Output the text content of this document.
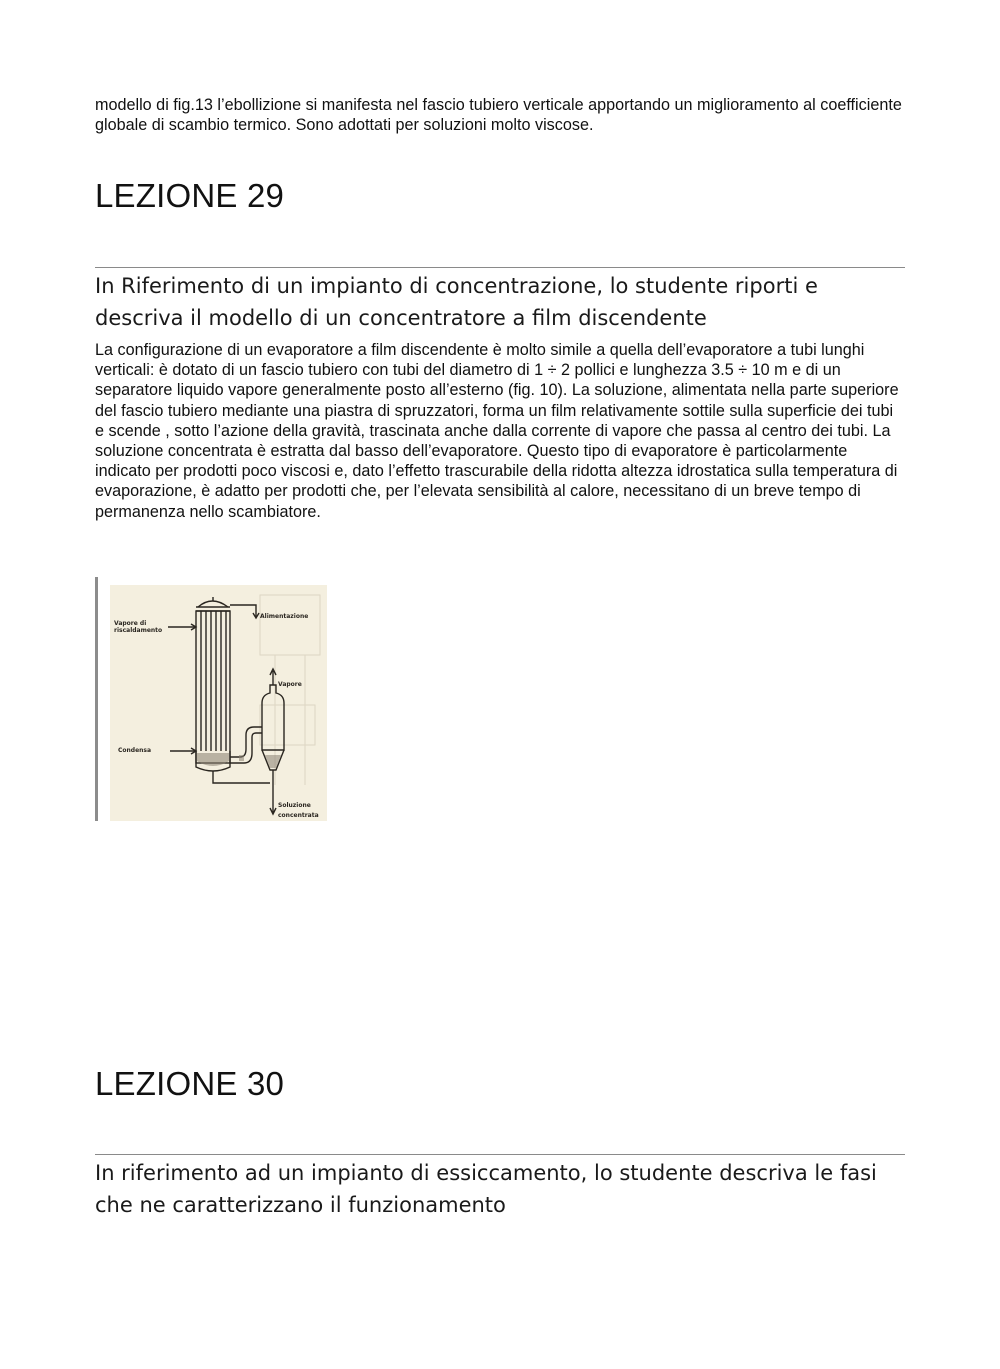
modello di fig.13 l’ebollizione si manifesta nel fascio tubiero verticale apportando un miglioramento al coefficiente globale di scambio termico. Sono adottati per soluzioni molto viscose.

LEZIONE 29
In Riferimento di un impianto di concentrazione, lo studente riporti e descriva il modello di un concentratore a film discendente

La configurazione di un evaporatore a film discendente è molto simile a quella dell’evaporatore a tubi lunghi verticali: è dotato di un fascio tubiero con tubi del diametro di 1 ÷ 2 pollici e lunghezza 3.5 ÷ 10 m e di un separatore liquido vapore generalmente posto all’esterno (fig. 10). La soluzione, alimentata nella parte superiore del fascio tubiero mediante una piastra di spruzzatori, forma un film relativamente sottile sulla superficie dei tubi e scende , sotto l’azione della gravità, trascinata anche dalla corrente di vapore che passa al centro dei tubi. La soluzione concentrata è estratta dal basso dell’evaporatore. Questo tipo di evaporatore è particolarmente indicato per prodotti poco viscosi e, dato l’effetto trascurabile della ridotta altezza idrostatica sulla temperatura di evaporazione, è adatto per prodotti che, per l’elevata sensibilità al calore, necessitano di un breve tempo di permanenza nello scambiatore.

Vapore di
riscaldamento
Alimentazione
Vapore
Condensa
Soluzione
concentrata
LEZIONE 30
In riferimento ad un impianto di essiccamento, lo studente descriva le fasi che ne caratterizzano il funzionamento
